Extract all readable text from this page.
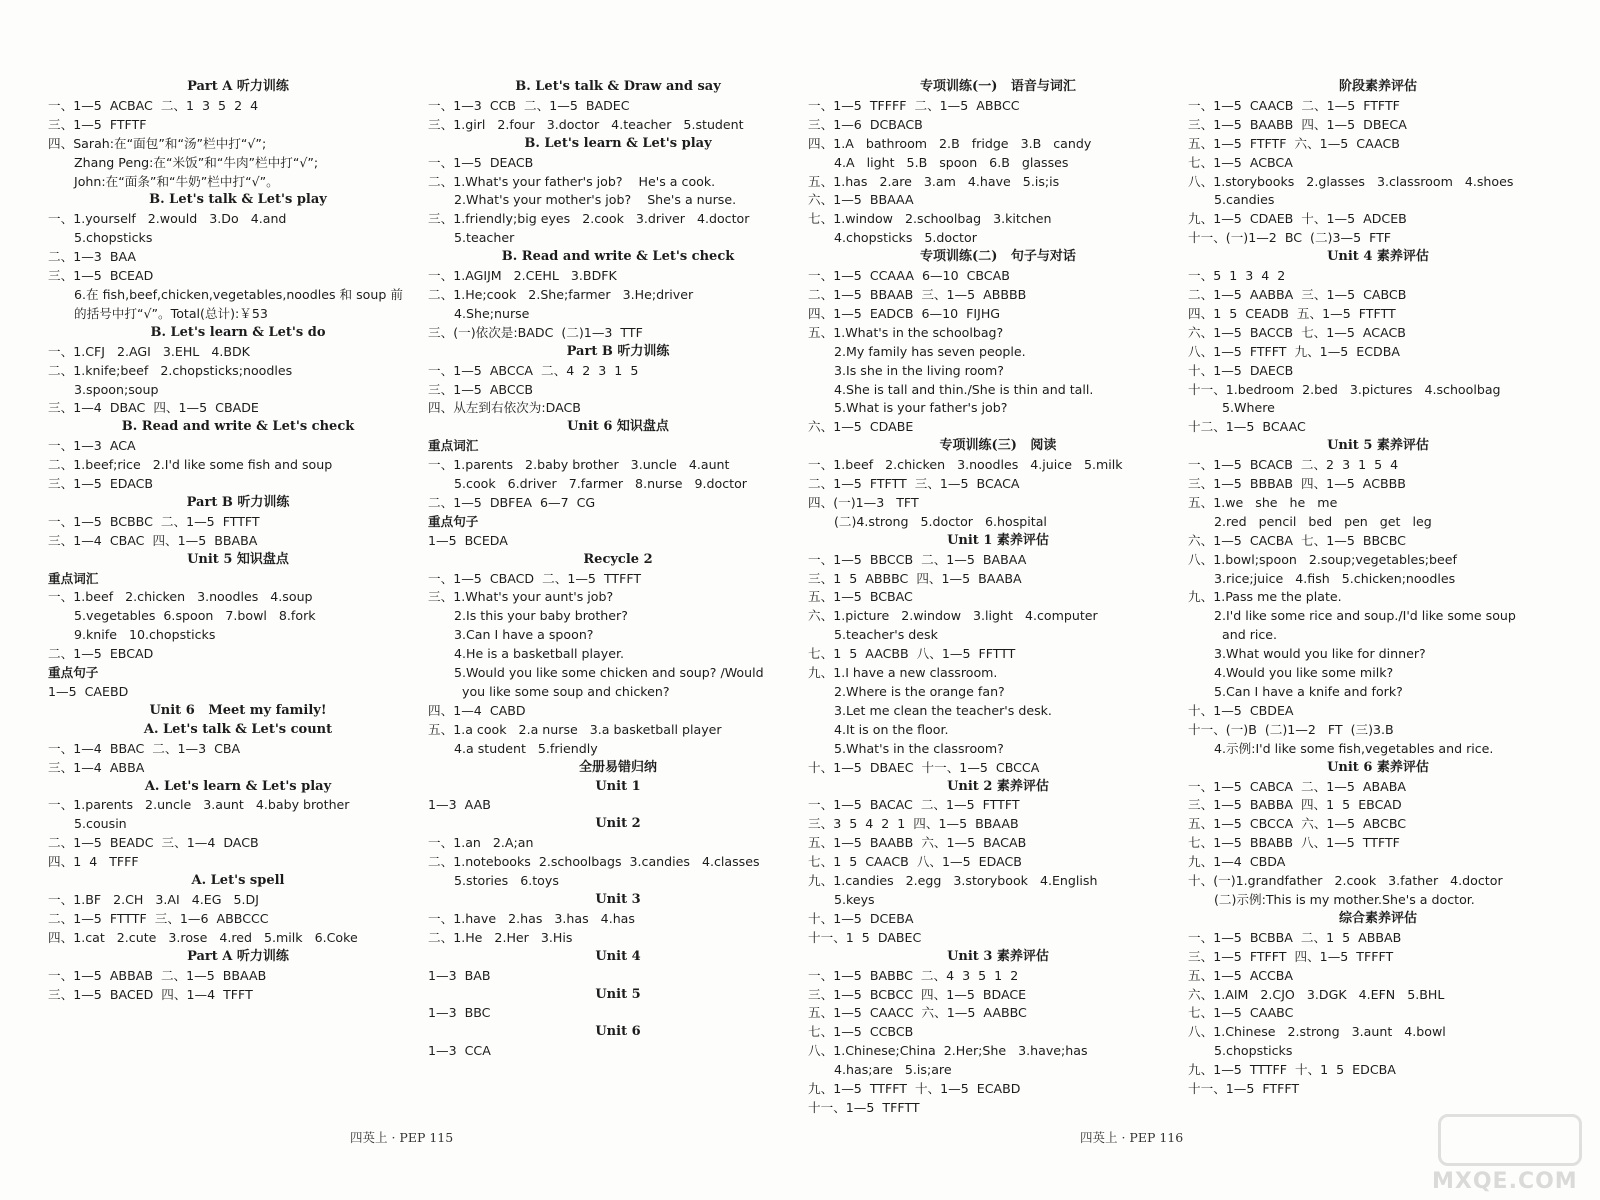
Part A 听力训练
一、1—5  ACBAC  二、1  3  5  2  4
三、1—5  FTFTF
四、Sarah:在“面包”和“汤”栏中打“√”;
Zhang Peng:在“米饭”和“牛肉”栏中打“√”;
John:在“面条”和“牛奶”栏中打“√”。
B. Let's talk & Let's play
一、1.yourself   2.would   3.Do   4.and
5.chopsticks
二、1—3  BAA
三、1—5  BCEAD
6.在 fish,beef,chicken,vegetables,noodles 和 soup 前
的括号中打“√”。Total(总计):￥53
B. Let's learn & Let's do
一、1.CFJ   2.AGI   3.EHL   4.BDK
二、1.knife;beef   2.chopsticks;noodles
3.spoon;soup
三、1—4  DBAC  四、1—5  CBADE
B. Read and write & Let's check
一、1—3  ACA
二、1.beef;rice   2.I'd like some fish and soup
三、1—5  EDACB
Part B 听力训练
一、1—5  BCBBC  二、1—5  FTTFT
三、1—4  CBAC  四、1—5  BBABA
Unit 5 知识盘点
重点词汇
一、1.beef   2.chicken   3.noodles   4.soup
5.vegetables  6.spoon   7.bowl   8.fork
9.knife   10.chopsticks
二、1—5  EBCAD
重点句子
1—5  CAEBD
Unit 6   Meet my family!
A. Let's talk & Let's count
一、1—4  BBAC  二、1—3  CBA
三、1—4  ABBA
A. Let's learn & Let's play
一、1.parents   2.uncle   3.aunt   4.baby brother
5.cousin
二、1—5  BEADC  三、1—4  DACB
四、1  4   TFFF
A. Let's spell
一、1.BF   2.CH   3.AI   4.EG   5.DJ
二、1—5  FTTTF  三、1—6  ABBCCC
四、1.cat   2.cute   3.rose   4.red   5.milk   6.Coke
Part A 听力训练
一、1—5  ABBAB  二、1—5  BBAAB
三、1—5  BACED  四、1—4  TFFT
B. Let's talk & Draw and say
一、1—3  CCB  二、1—5  BADEC
三、1.girl   2.four   3.doctor   4.teacher   5.student
B. Let's learn & Let's play
一、1—5  DEACB
二、1.What's your father's job?    He's a cook.
2.What's your mother's job?    She's a nurse.
三、1.friendly;big eyes   2.cook   3.driver   4.doctor
5.teacher
B. Read and write & Let's check
一、1.AGIJM   2.CEHL   3.BDFK
二、1.He;cook   2.She;farmer   3.He;driver
4.She;nurse
三、(一)依次是:BADC  (二)1—3  TTF
Part B 听力训练
一、1—5  ABCCA  二、4  2  3  1  5
三、1—5  ABCCB
四、从左到右依次为:DACB
Unit 6 知识盘点
重点词汇
一、1.parents   2.baby brother   3.uncle   4.aunt
5.cook   6.driver   7.farmer   8.nurse   9.doctor
二、1—5  DBFEA  6—7  CG
重点句子
1—5  BCEDA
Recycle 2
一、1—5  CBACD  二、1—5  TTFFT
三、1.What's your aunt's job?
2.Is this your baby brother?
3.Can I have a spoon?
4.He is a basketball player.
5.Would you like some chicken and soup? /Would
you like some soup and chicken?
四、1—4  CABD
五、1.a cook   2.a nurse   3.a basketball player
4.a student   5.friendly
全册易错归纳
Unit 1
1—3  AAB
Unit 2
一、1.an   2.A;an
二、1.notebooks  2.schoolbags  3.candies   4.classes
5.stories   6.toys
Unit 3
一、1.have   2.has   3.has   4.has
二、1.He   2.Her   3.His
Unit 4
1—3  BAB
Unit 5
1—3  BBC
Unit 6
1—3  CCA
专项训练(一)   语音与词汇
一、1—5  TFFFF  二、1—5  ABBCC
三、1—6  DCBACB
四、1.A   bathroom   2.B   fridge   3.B   candy
4.A   light   5.B   spoon   6.B   glasses
五、1.has   2.are   3.am   4.have   5.is;is
六、1—5  BBAAA
七、1.window   2.schoolbag   3.kitchen
4.chopsticks   5.doctor
专项训练(二)   句子与对话
一、1—5  CCAAA  6—10  CBCAB
二、1—5  BBAAB  三、1—5  ABBBB
四、1—5  EADCB  6—10  FIJHG
五、1.What's in the schoolbag?
2.My family has seven people.
3.Is she in the living room?
4.She is tall and thin./She is thin and tall.
5.What is your father's job?
六、1—5  CDABE
专项训练(三)   阅读
一、1.beef   2.chicken   3.noodles   4.juice   5.milk
二、1—5  FTFTT  三、1—5  BCACA
四、(一)1—3   TFT
(二)4.strong   5.doctor   6.hospital
Unit 1 素养评估
一、1—5  BBCCB  二、1—5  BABAA
三、1  5  ABBBC  四、1—5  BAABA
五、1—5  BCBAC
六、1.picture   2.window   3.light   4.computer
5.teacher's desk
七、1  5  AACBB  八、1—5  FFTTT
九、1.I have a new classroom.
2.Where is the orange fan?
3.Let me clean the teacher's desk.
4.It is on the floor.
5.What's in the classroom?
十、1—5  DBAEC  十一、1—5  CBCCA
Unit 2 素养评估
一、1—5  BACAC  二、1—5  FTTFT
三、3  5  4  2  1  四、1—5  BBAAB
五、1—5  BAABB  六、1—5  BACAB
七、1  5  CAACB  八、1—5  EDACB
九、1.candies   2.egg   3.storybook   4.English
5.keys
十、1—5  DCEBA
十一、1  5  DABEC
Unit 3 素养评估
一、1—5  BABBC  二、4  3  5  1  2
三、1—5  BCBCC  四、1—5  BDACE
五、1—5  CAACC  六、1—5  AABBC
七、1—5  CCBCB
八、1.Chinese;China  2.Her;She   3.have;has
4.has;are   5.is;are
九、1—5  TTFFT  十、1—5  ECABD
十一、1—5  TFFTT
阶段素养评估
一、1—5  CAACB  二、1—5  FTFTF
三、1—5  BAABB  四、1—5  DBECA
五、1—5  FTFTF  六、1—5  CAACB
七、1—5  ACBCA
八、1.storybooks   2.glasses   3.classroom   4.shoes
5.candies
九、1—5  CDAEB  十、1—5  ADCEB
十一、(一)1—2  BC  (二)3—5  FTF
Unit 4 素养评估
一、5  1  3  4  2
二、1—5  AABBA  三、1—5  CABCB
四、1  5  CEADB  五、1—5  FTFTT
六、1—5  BACCB  七、1—5  ACACB
八、1—5  FTFFT  九、1—5  ECDBA
十、1—5  DAECB
十一、1.bedroom  2.bed   3.pictures   4.schoolbag
5.Where
十二、1—5  BCAAC
Unit 5 素养评估
一、1—5  BCACB  二、2  3  1  5  4
三、1—5  BBBAB  四、1—5  ACBBB
五、1.we   she   he   me
2.red   pencil   bed   pen   get   leg
六、1—5  CACBA  七、1—5  BBCBC
八、1.bowl;spoon   2.soup;vegetables;beef
3.rice;juice   4.fish   5.chicken;noodles
九、1.Pass me the plate.
2.I'd like some rice and soup./I'd like some soup
and rice.
3.What would you like for dinner?
4.Would you like some milk?
5.Can I have a knife and fork?
十、1—5  CBDEA
十一、(一)B  (二)1—2   FT  (三)3.B
4.示例:I'd like some fish,vegetables and rice.
Unit 6 素养评估
一、1—5  CABCA  二、1—5  ABABA
三、1—5  BABBA  四、1  5  EBCAD
五、1—5  CBCCA  六、1—5  ABCBC
七、1—5  BBABB  八、1—5  TTFTF
九、1—4  CBDA
十、(一)1.grandfather   2.cook   3.father   4.doctor
(二)示例:This is my mother.She's a doctor.
综合素养评估
一、1—5  BCBBA  二、1  5  ABBAB
三、1—5  FTFFT  四、1—5  TFFFT
五、1—5  ACCBA
六、1.AIM   2.CJO   3.DGK   4.EFN   5.BHL
七、1—5  CAABC
八、1.Chinese   2.strong   3.aunt   4.bowl
5.chopsticks
九、1—5  TTTFF  十、1  5  EDCBA
十一、1—5  FTFFT
四英上 · PEP 115	四英上 · PEP 116
MXQE.COM
